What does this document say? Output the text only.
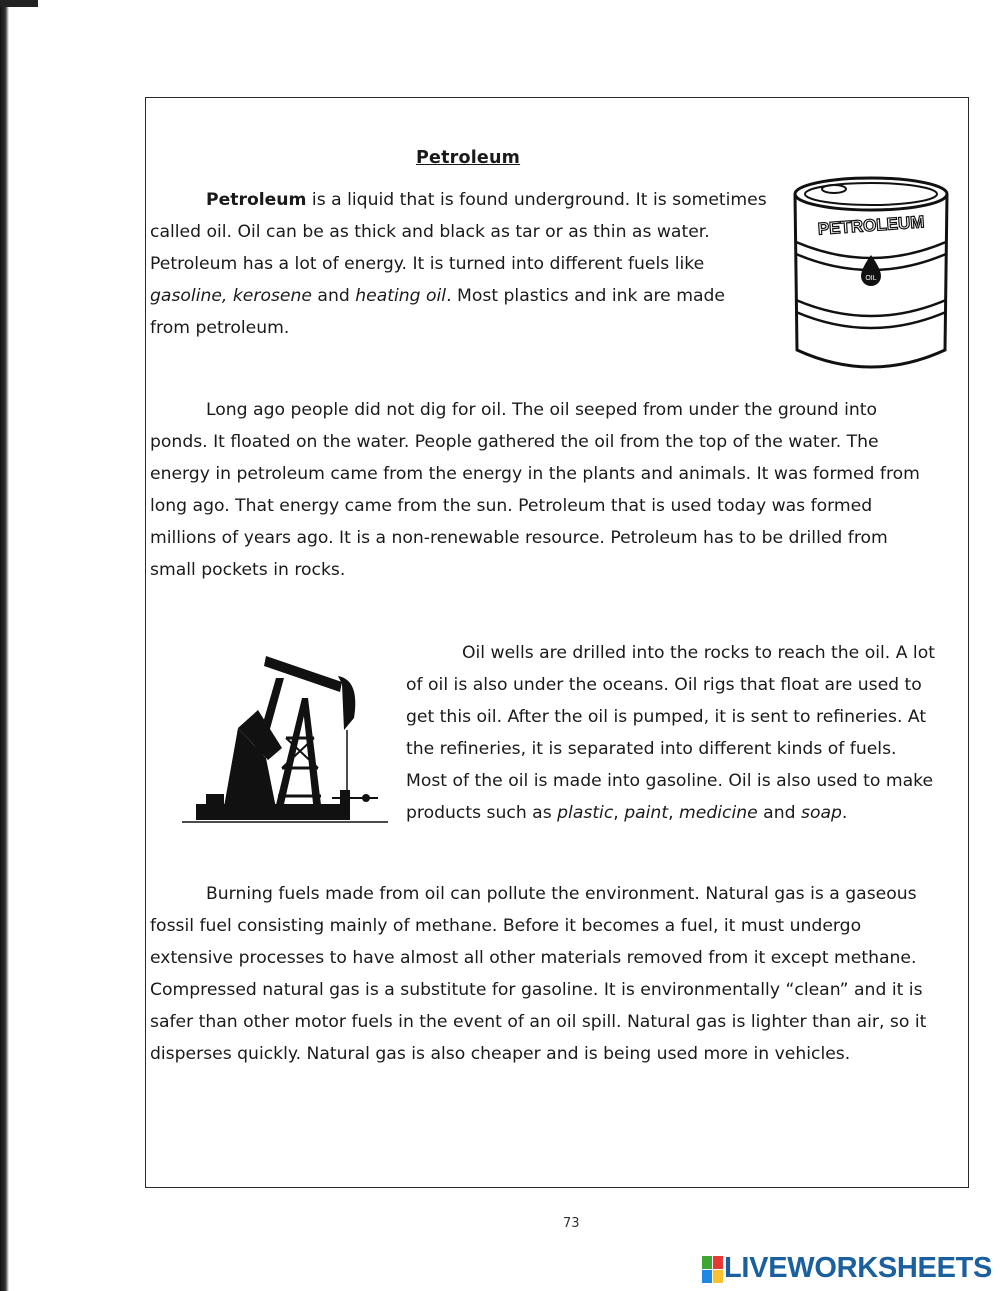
Petroleum
Petroleum is a liquid that is found underground. It is sometimes
called oil. Oil can be as thick and black as tar or as thin as water.
Petroleum has a lot of energy. It is turned into different fuels like
gasoline, kerosene and heating oil. Most plastics and ink are made
from petroleum.
Long ago people did not dig for oil. The oil seeped from under the ground into
ponds. It floated on the water. People gathered the oil from the top of the water. The
energy in petroleum came from the energy in the plants and animals. It was formed from
long ago. That energy came from the sun. Petroleum that is used today was formed
millions of years ago. It is a non-renewable resource. Petroleum has to be drilled from
small pockets in rocks.
Oil wells are drilled into the rocks to reach the oil. A lot
of oil is also under the oceans. Oil rigs that float are used to
get this oil. After the oil is pumped, it is sent to refineries. At
the refineries, it is separated into different kinds of fuels.
Most of the oil is made into gasoline. Oil is also used to make
products such as plastic, paint, medicine and soap.
Burning fuels made from oil can pollute the environment. Natural gas is a gaseous
fossil fuel consisting mainly of methane. Before it becomes a fuel, it must undergo
extensive processes to have almost all other materials removed from it except methane.
Compressed natural gas is a substitute for gasoline. It is environmentally “clean” and it is
safer than other motor fuels in the event of an oil spill. Natural gas is lighter than air, so it
disperses quickly. Natural gas is also cheaper and is being used more in vehicles.
PETROLEUM
OIL
73
LIVEWORKSHEETS
